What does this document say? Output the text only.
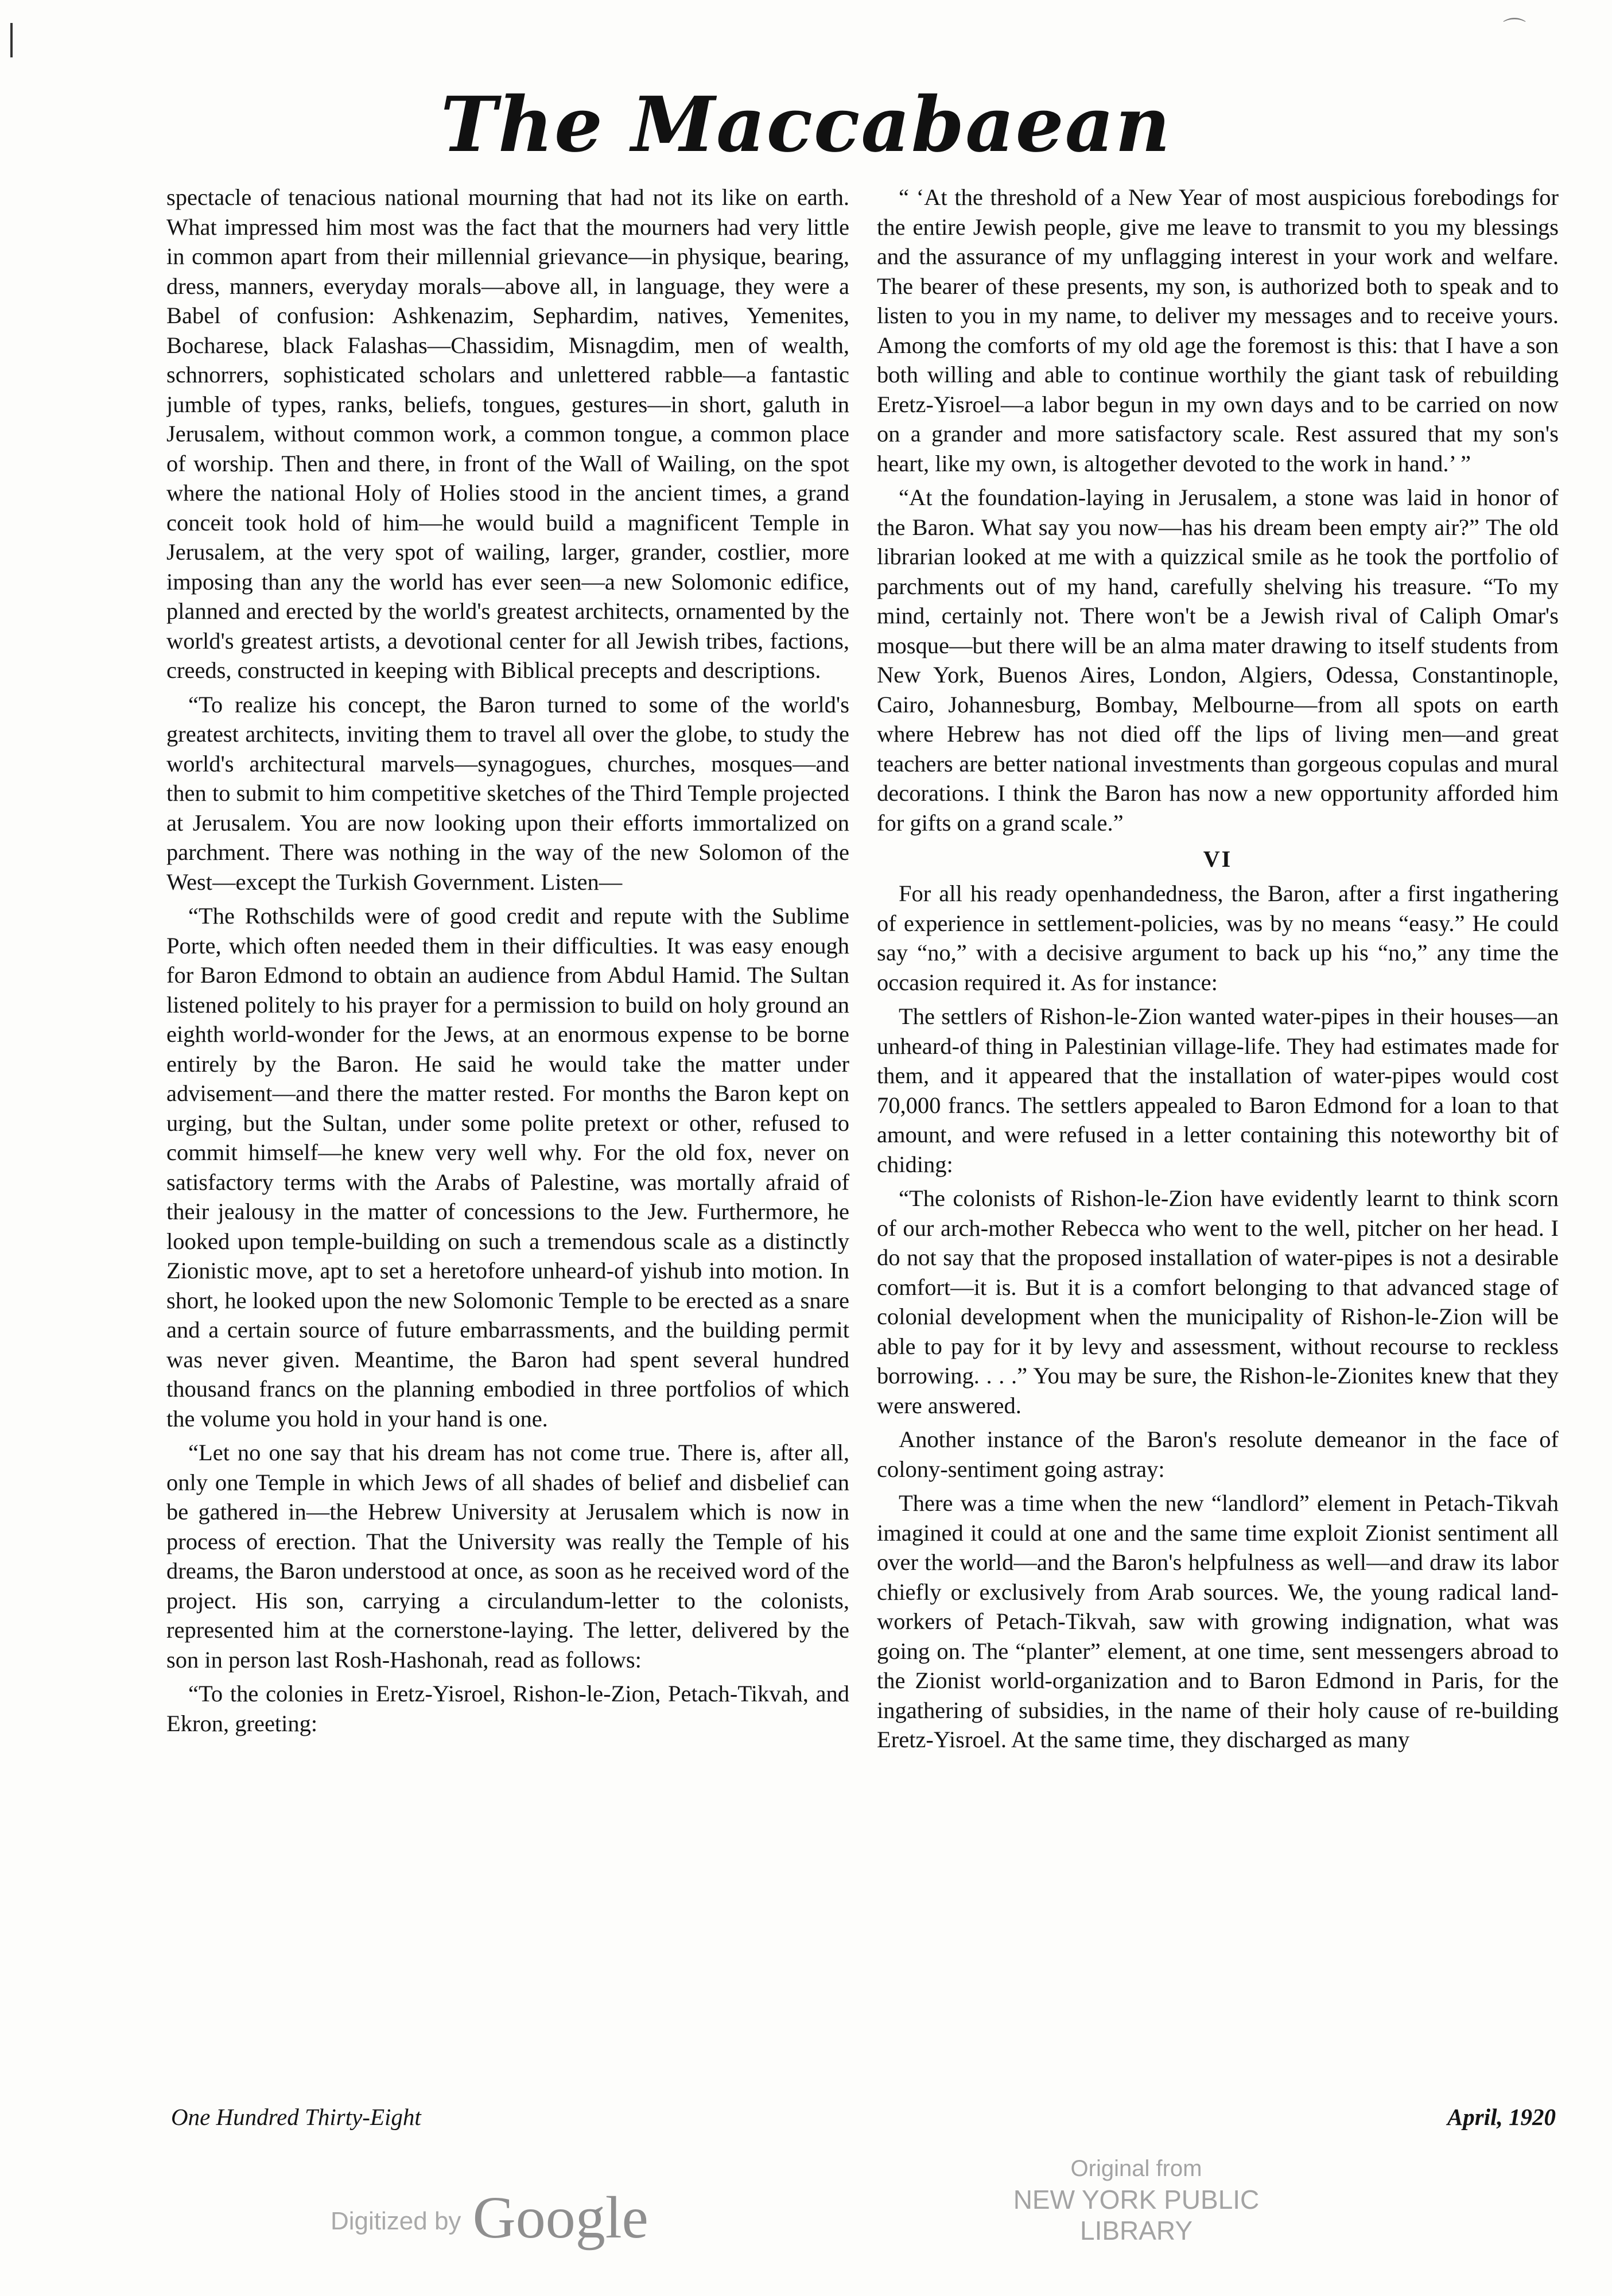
⌒
The Maccabaean

spectacle of tenacious national mourning that had not its like on earth. What impressed him most was the fact that the mourners had very little in common apart from their millennial grievance—in physique, bearing, dress, manners, everyday morals—above all, in language, they were a Babel of confusion: Ashkenazim, Sephardim, natives, Yemenites, Bocharese, black Falashas—Chassidim, Misnagdim, men of wealth, schnorrers, sophisticated scholars and unlettered rabble—a fantastic jumble of types, ranks, beliefs, tongues, gestures—in short, galuth in Jerusalem, without common work, a common tongue, a common place of worship. Then and there, in front of the Wall of Wailing, on the spot where the national Holy of Holies stood in the ancient times, a grand conceit took hold of him—he would build a magnificent Temple in Jerusalem, at the very spot of wailing, larger, grander, costlier, more imposing than any the world has ever seen—a new Solomonic edifice, planned and erected by the world's greatest architects, ornamented by the world's greatest artists, a devotional center for all Jewish tribes, factions, creeds, constructed in keeping with Biblical precepts and descriptions.

“To realize his concept, the Baron turned to some of the world's greatest architects, inviting them to travel all over the globe, to study the world's architectural marvels—synagogues, churches, mosques—and then to submit to him competitive sketches of the Third Temple projected at Jerusalem. You are now looking upon their efforts immortalized on parchment. There was nothing in the way of the new Solomon of the West—except the Turkish Government. Listen—

“The Rothschilds were of good credit and repute with the Sublime Porte, which often needed them in their difficulties. It was easy enough for Baron Edmond to obtain an audience from Abdul Hamid. The Sultan listened politely to his prayer for a permission to build on holy ground an eighth world-wonder for the Jews, at an enormous expense to be borne entirely by the Baron. He said he would take the matter under advisement—and there the matter rested. For months the Baron kept on urging, but the Sultan, under some polite pretext or other, refused to commit himself—he knew very well why. For the old fox, never on satisfactory terms with the Arabs of Palestine, was mortally afraid of their jealousy in the matter of concessions to the Jew. Furthermore, he looked upon temple-building on such a tremendous scale as a distinctly Zionistic move, apt to set a heretofore unheard-of yishub into motion. In short, he looked upon the new Solomonic Temple to be erected as a snare and a certain source of future embarrassments, and the building permit was never given. Meantime, the Baron had spent several hundred thousand francs on the planning embodied in three portfolios of which the volume you hold in your hand is one.

“Let no one say that his dream has not come true. There is, after all, only one Temple in which Jews of all shades of belief and disbelief can be gathered in—the Hebrew University at Jerusalem which is now in process of erection. That the University was really the Temple of his dreams, the Baron understood at once, as soon as he received word of the project. His son, carrying a circulandum-letter to the colonists, represented him at the cornerstone-laying. The letter, delivered by the son in person last Rosh-Hashonah, read as follows:

“To the colonies in Eretz-Yisroel, Rishon-le-Zion, Petach-Tikvah, and Ekron, greeting:

“ ‘At the threshold of a New Year of most auspicious forebodings for the entire Jewish people, give me leave to transmit to you my blessings and the assurance of my unflagging interest in your work and welfare. The bearer of these presents, my son, is authorized both to speak and to listen to you in my name, to deliver my messages and to receive yours. Among the comforts of my old age the foremost is this: that I have a son both willing and able to continue worthily the giant task of rebuilding Eretz-Yisroel—a labor begun in my own days and to be carried on now on a grander and more satisfactory scale. Rest assured that my son's heart, like my own, is altogether devoted to the work in hand.’ ”

“At the foundation-laying in Jerusalem, a stone was laid in honor of the Baron. What say you now—has his dream been empty air?” The old librarian looked at me with a quizzical smile as he took the portfolio of parchments out of my hand, carefully shelving his treasure. “To my mind, certainly not. There won't be a Jewish rival of Caliph Omar's mosque—but there will be an alma mater drawing to itself students from New York, Buenos Aires, London, Algiers, Odessa, Constantinople, Cairo, Johannesburg, Bombay, Melbourne—from all spots on earth where Hebrew has not died off the lips of living men—and great teachers are better national investments than gorgeous copulas and mural decorations. I think the Baron has now a new opportunity afforded him for gifts on a grand scale.”

VI

For all his ready openhandedness, the Baron, after a first ingathering of experience in settlement-policies, was by no means “easy.” He could say “no,” with a decisive argument to back up his “no,” any time the occasion required it. As for instance:

The settlers of Rishon-le-Zion wanted water-pipes in their houses—an unheard-of thing in Palestinian village-life. They had estimates made for them, and it appeared that the installation of water-pipes would cost 70,000 francs. The settlers appealed to Baron Edmond for a loan to that amount, and were refused in a letter containing this noteworthy bit of chiding:

“The colonists of Rishon-le-Zion have evidently learnt to think scorn of our arch-mother Rebecca who went to the well, pitcher on her head. I do not say that the proposed installation of water-pipes is not a desirable comfort—it is. But it is a comfort belonging to that advanced stage of colonial development when the municipality of Rishon-le-Zion will be able to pay for it by levy and assessment, without recourse to reckless borrowing. . . .” You may be sure, the Rishon-le-Zionites knew that they were answered.

Another instance of the Baron's resolute demeanor in the face of colony-sentiment going astray:

There was a time when the new “landlord” element in Petach-Tikvah imagined it could at one and the same time exploit Zionist sentiment all over the world—and the Baron's helpfulness as well—and draw its labor chiefly or exclusively from Arab sources. We, the young radical land-workers of Petach-Tikvah, saw with growing indignation, what was going on. The “planter” element, at one time, sent messengers abroad to the Zionist world-organization and to Baron Edmond in Paris, for the ingathering of subsidies, in the name of their holy cause of re-building Eretz-Yisroel. At the same time, they discharged as many

One Hundred Thirty-Eight	April, 1920
Digitized by Google
Original from
NEW YORK PUBLIC LIBRARY
